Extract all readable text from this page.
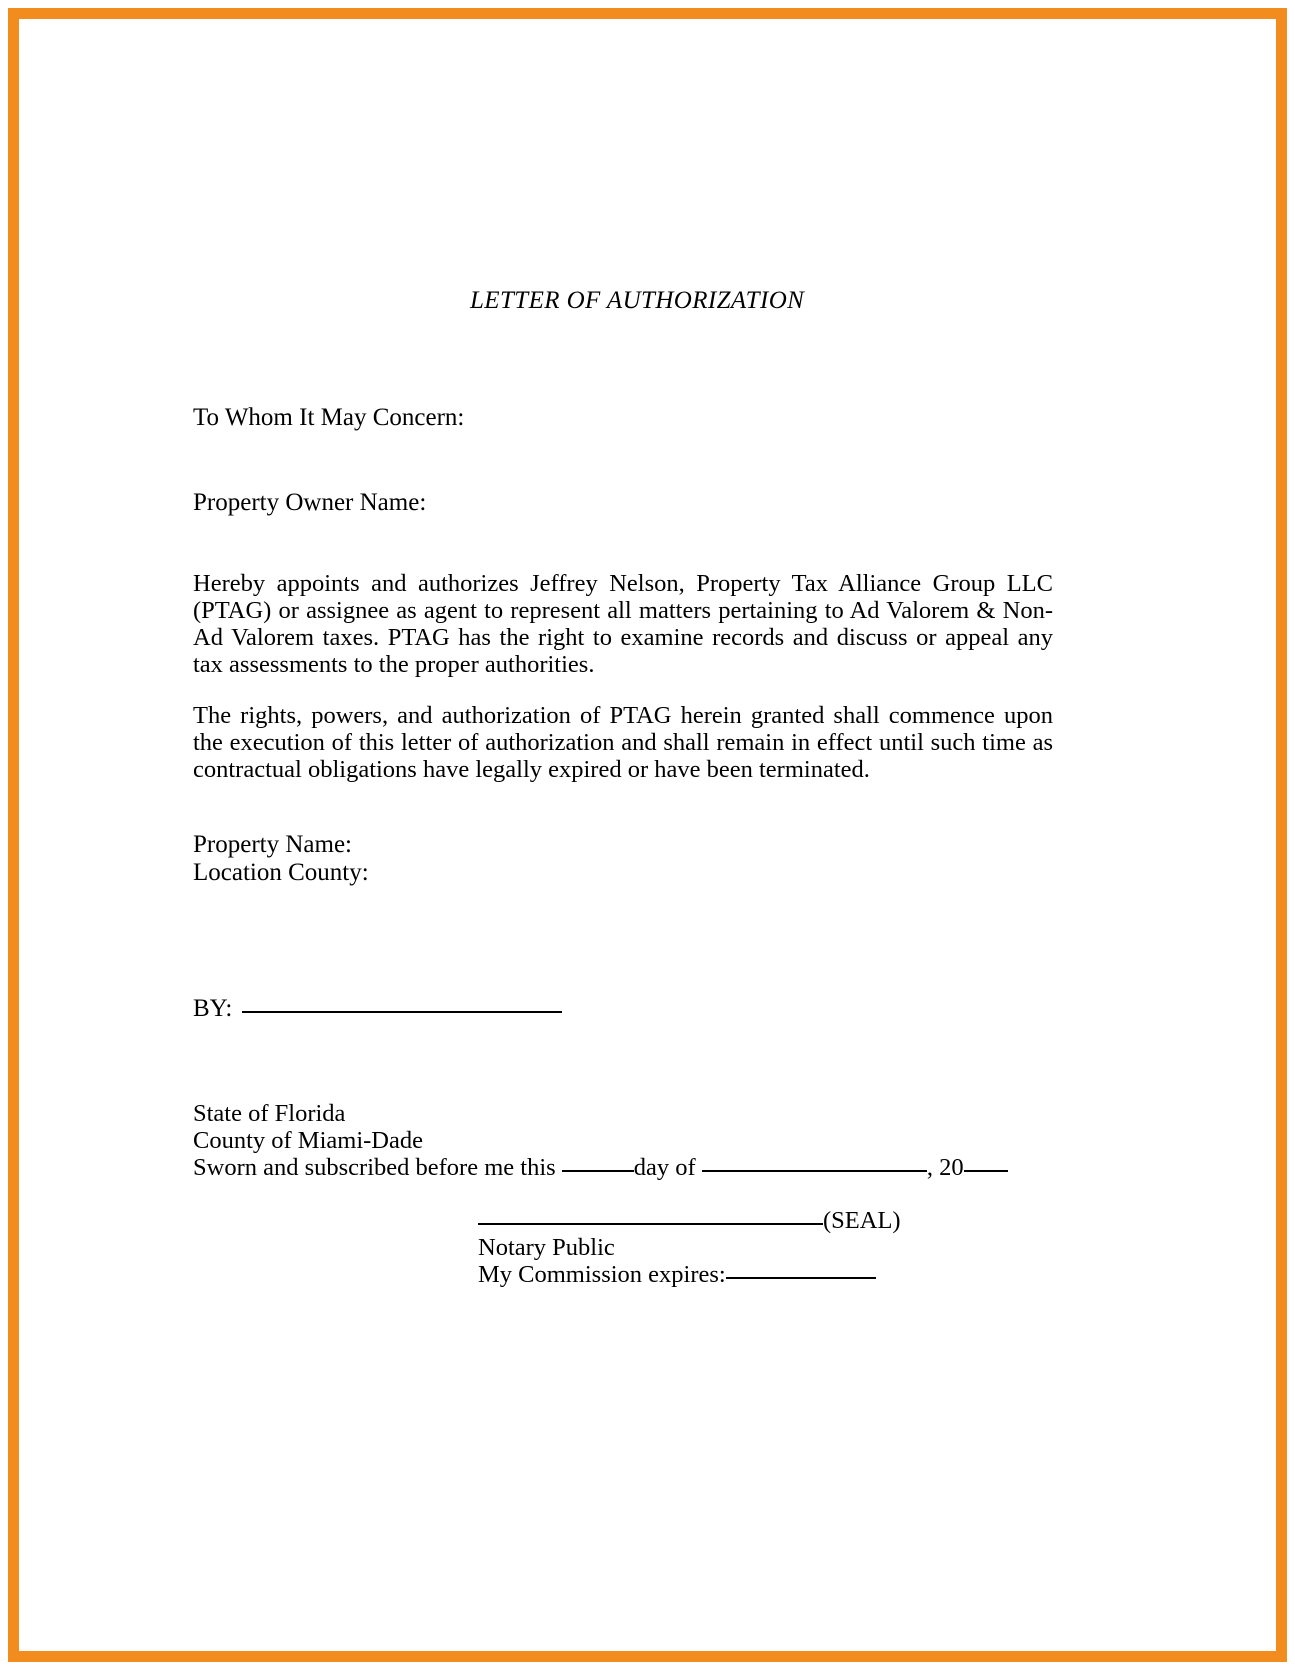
LETTER OF AUTHORIZATION
To Whom It May Concern:
Property Owner Name:
Hereby appoints and authorizes Jeffrey Nelson, Property Tax Alliance Group LLC (PTAG) or assignee as agent to represent all matters pertaining to Ad Valorem & Non-Ad Valorem taxes. PTAG has the right to examine records and discuss or appeal any tax assessments to the proper authorities.
The rights, powers, and authorization of PTAG herein granted shall commence upon the execution of this letter of authorization and shall remain in effect until such time as contractual obligations have legally expired or have been terminated.
Property Name:
Location County:
BY:
State of Florida
County of Miami-Dade
Sworn and subscribed before me this	day of	, 20
(SEAL)
Notary Public
My Commission expires:
